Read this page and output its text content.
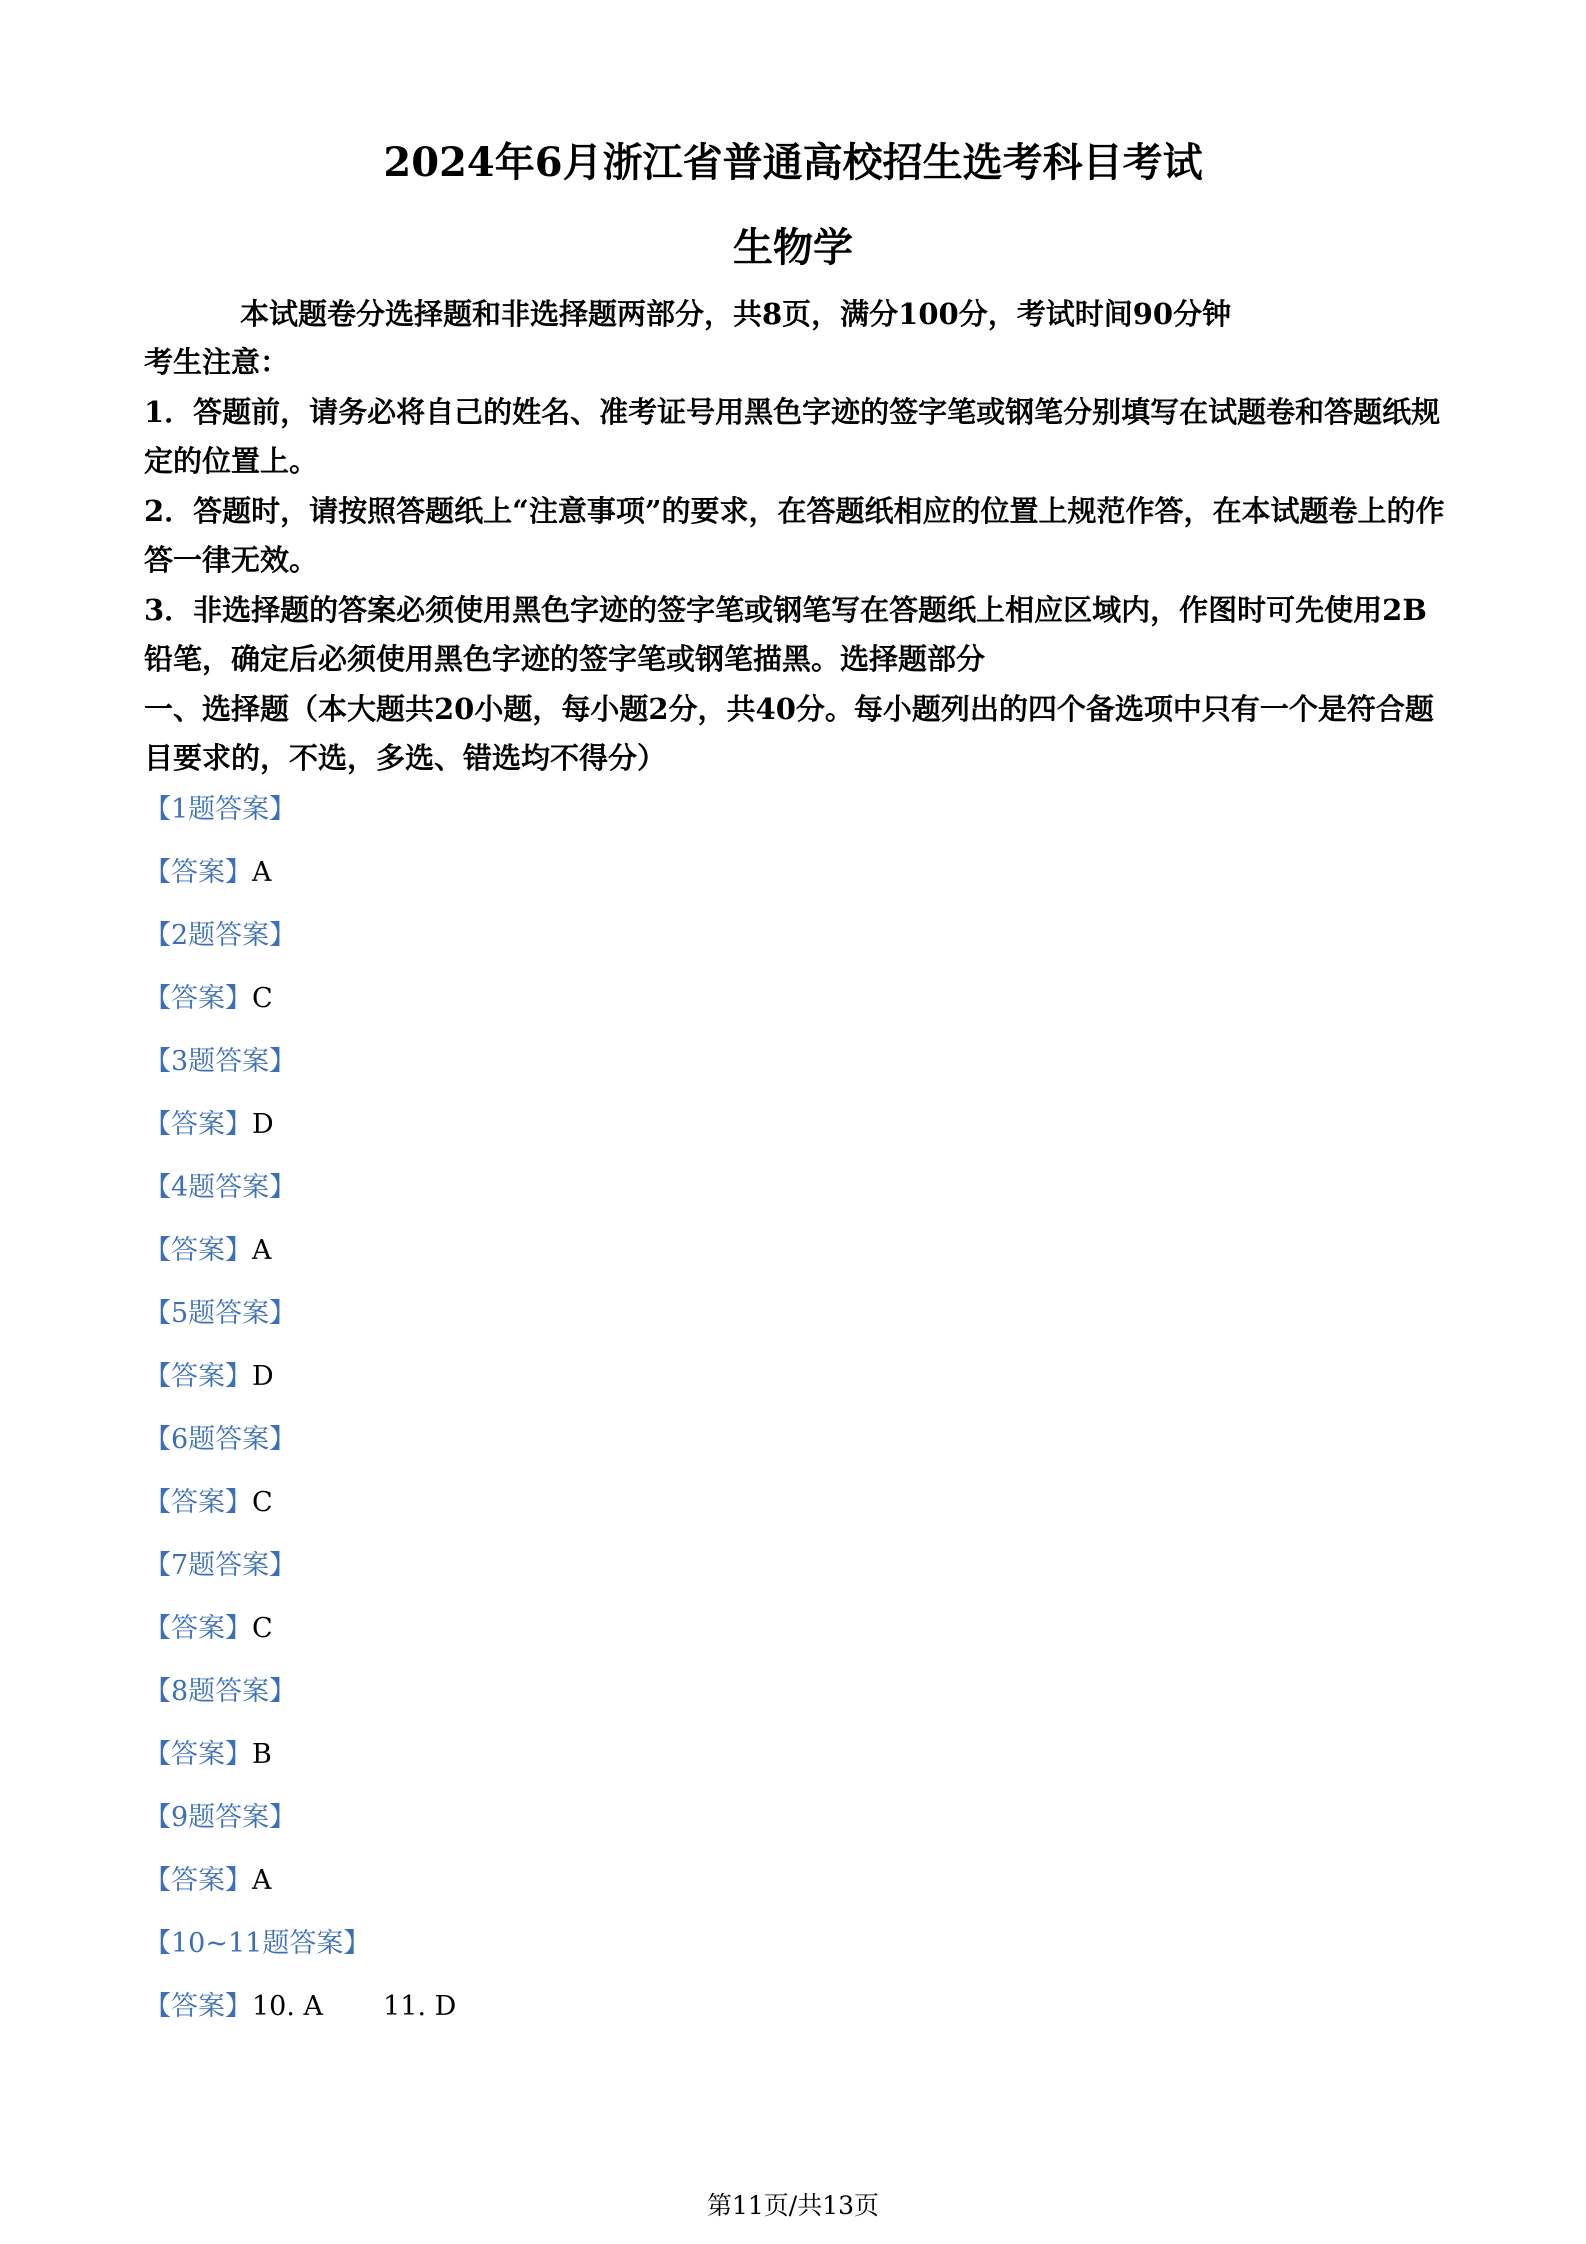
2024年6月浙江省普通高校招生选考科目考试
生物学
本试题卷分选择题和非选择题两部分，共8页，满分100分，考试时间90分钟
考生注意：
1．答题前，请务必将自己的姓名、准考证号用黑色字迹的签字笔或钢笔分别填写在试题卷和答题纸规定的位置上。
2．答题时，请按照答题纸上“注意事项”的要求，在答题纸相应的位置上规范作答，在本试题卷上的作答一律无效。
3．非选择题的答案必须使用黑色字迹的签字笔或钢笔写在答题纸上相应区域内，作图时可先使用2B铅笔，确定后必须使用黑色字迹的签字笔或钢笔描黑。选择题部分
一、选择题（本大题共20小题，每小题2分，共40分。每小题列出的四个备选项中只有一个是符合题目要求的，不选，多选、错选均不得分）
【1题答案】
【答案】A
【2题答案】
【答案】C
【3题答案】
【答案】D
【4题答案】
【答案】A
【5题答案】
【答案】D
【6题答案】
【答案】C
【7题答案】
【答案】C
【8题答案】
【答案】B
【9题答案】
【答案】A
【10~11题答案】
【答案】10. A       11. D
第11页/共13页
